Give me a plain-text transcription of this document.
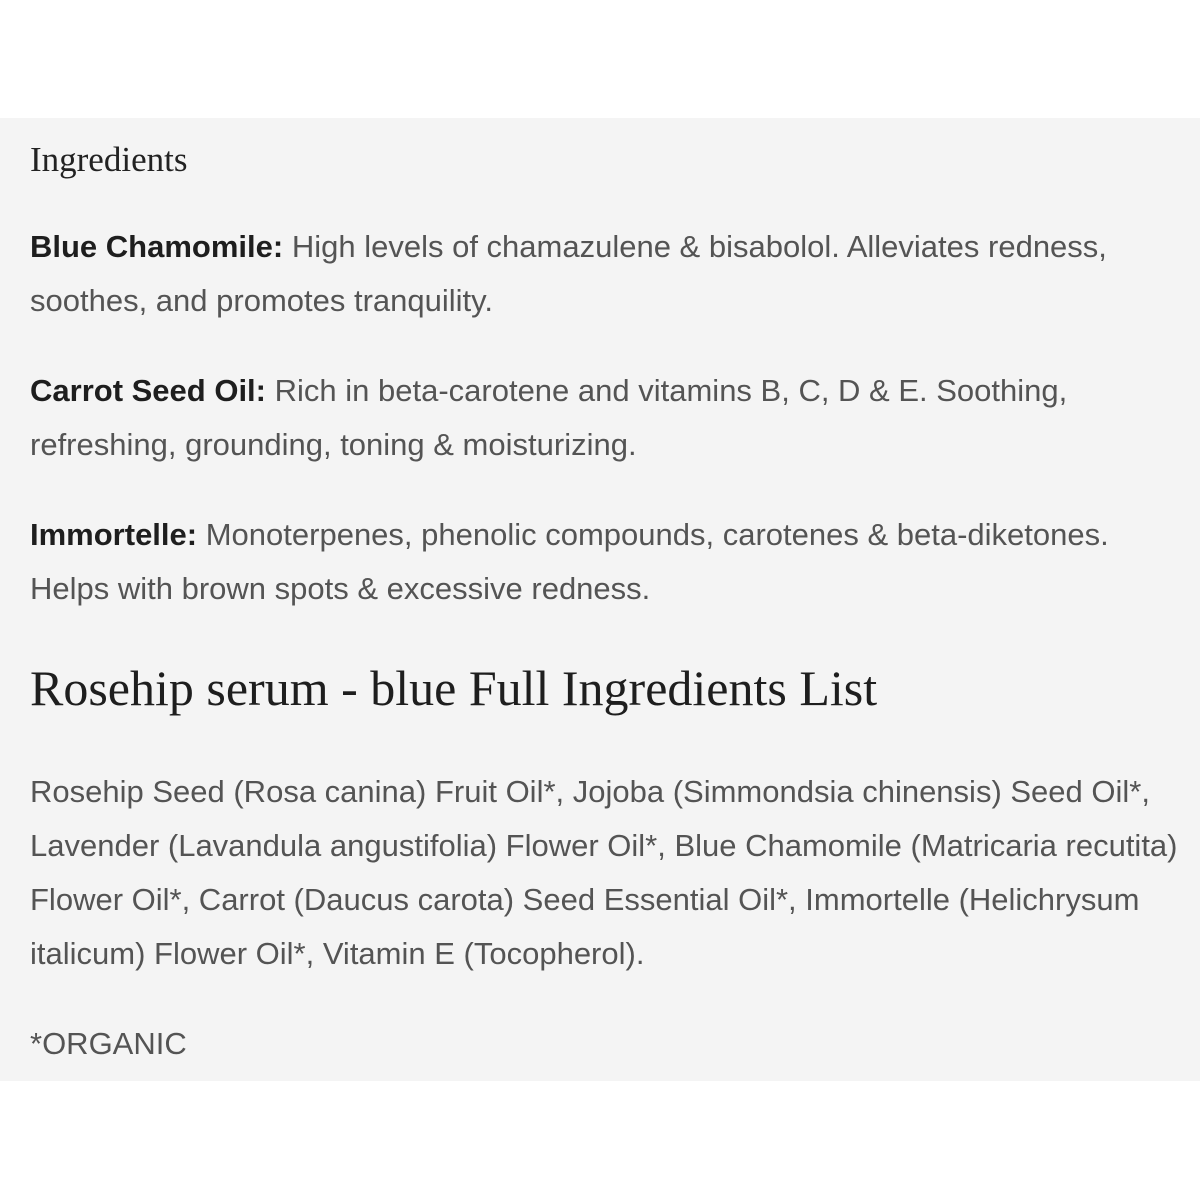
Ingredients

Blue Chamomile: High levels of chamazulene & bisabolol. Alleviates redness, soothes, and promotes tranquility.

Carrot Seed Oil: Rich in beta-carotene and vitamins B, C, D & E. Soothing, refreshing, grounding, toning & moisturizing.

Immortelle: Monoterpenes, phenolic compounds, carotenes & beta-diketones. Helps with brown spots & excessive redness.

Rosehip serum - blue Full Ingredients List

Rosehip Seed (Rosa canina) Fruit Oil*, Jojoba (Simmondsia chinensis) Seed Oil*, Lavender (Lavandula angustifolia) Flower Oil*, Blue Chamomile (Matricaria recutita) Flower Oil*, Carrot (Daucus carota) Seed Essential Oil*, Immortelle (Helichrysum italicum) Flower Oil*, Vitamin E (Tocopherol).

*ORGANIC
